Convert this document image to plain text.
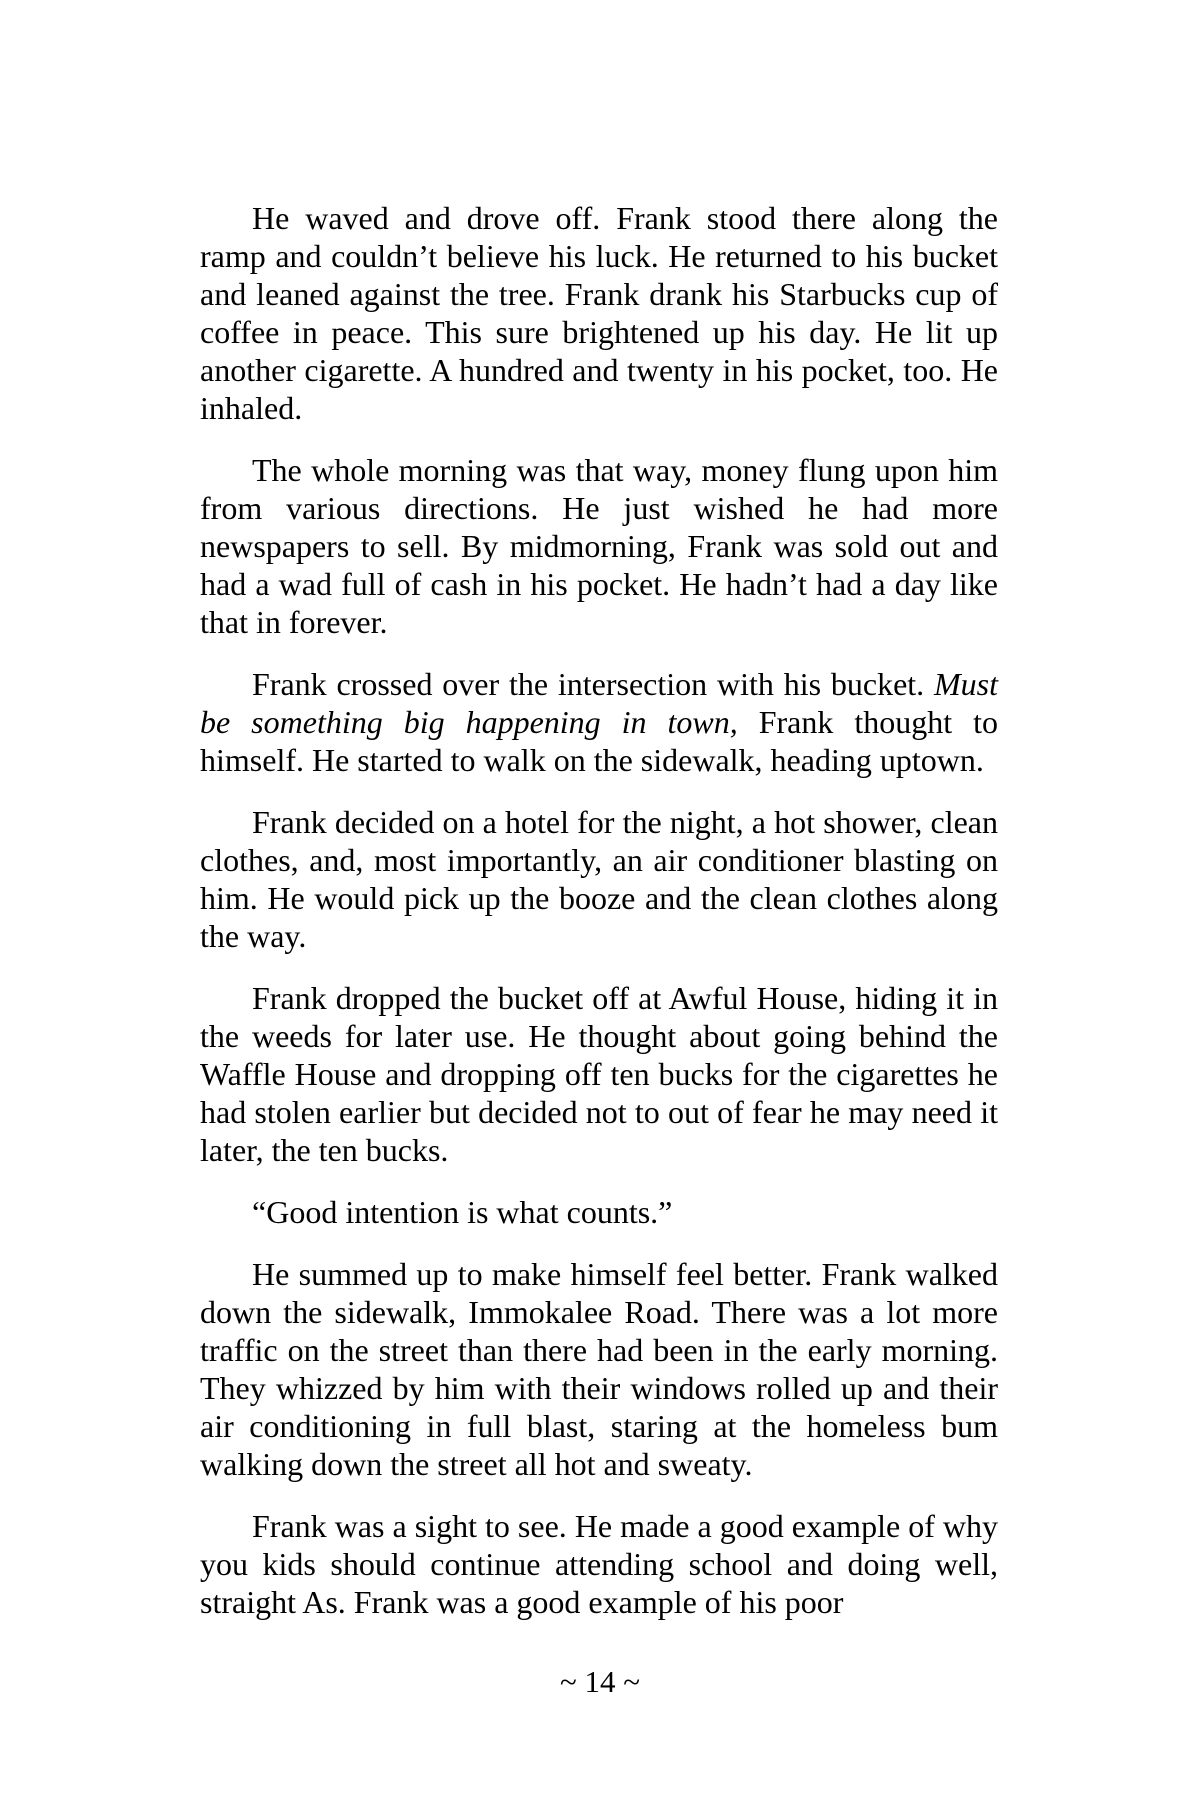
He waved and drove off. Frank stood there along the ramp and couldn’t believe his luck. He returned to his bucket and leaned against the tree. Frank drank his Starbucks cup of coffee in peace. This sure brightened up his day. He lit up another cigarette. A hundred and twenty in his pocket, too. He inhaled.

The whole morning was that way, money flung upon him from various directions. He just wished he had more newspapers to sell. By midmorning, Frank was sold out and had a wad full of cash in his pocket. He hadn’t had a day like that in forever.

Frank crossed over the intersection with his bucket. Must be something big happening in town, Frank thought to himself. He started to walk on the sidewalk, heading uptown.

Frank decided on a hotel for the night, a hot shower, clean clothes, and, most importantly, an air conditioner blasting on him. He would pick up the booze and the clean clothes along the way.

Frank dropped the bucket off at Awful House, hiding it in the weeds for later use. He thought about going behind the Waffle House and dropping off ten bucks for the cigarettes he had stolen earlier but decided not to out of fear he may need it later, the ten bucks.

“Good intention is what counts.”

He summed up to make himself feel better. Frank walked down the sidewalk, Immokalee Road. There was a lot more traffic on the street than there had been in the early morning. They whizzed by him with their windows rolled up and their air conditioning in full blast, staring at the homeless bum walking down the street all hot and sweaty.

Frank was a sight to see. He made a good example of why you kids should continue attending school and doing well, straight As. Frank was a good example of his poor

~ 14 ~
